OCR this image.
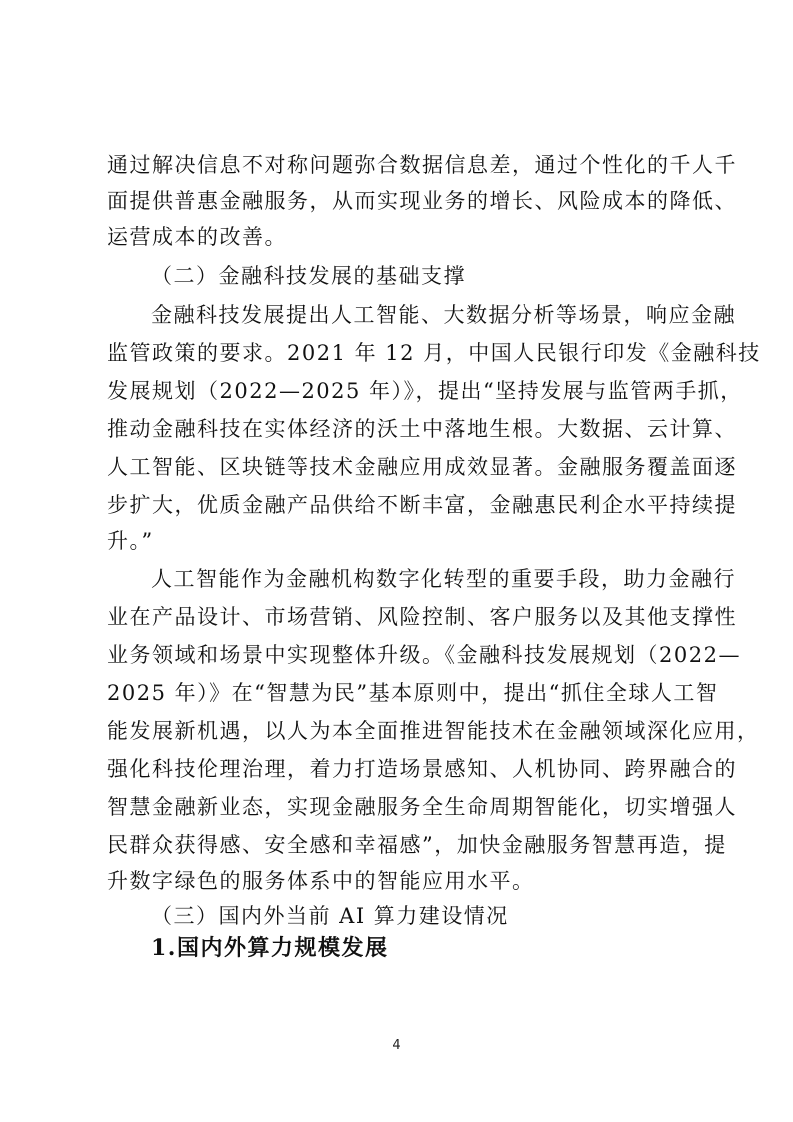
通过解决信息不对称问题弥合数据信息差，通过个性化的千人千
面提供普惠金融服务，从而实现业务的增长、风险成本的降低、
运营成本的改善。
（二）金融科技发展的基础支撑
金融科技发展提出人工智能、大数据分析等场景，响应金融
监管政策的要求。2021 年 12 月，中国人民银行印发《金融科技
发展规划（2022—2025 年）》，提出“坚持发展与监管两手抓，
推动金融科技在实体经济的沃土中落地生根。大数据、云计算、
人工智能、区块链等技术金融应用成效显著。金融服务覆盖面逐
步扩大，优质金融产品供给不断丰富，金融惠民利企水平持续提
升。”
人工智能作为金融机构数字化转型的重要手段，助力金融行
业在产品设计、市场营销、风险控制、客户服务以及其他支撑性
业务领域和场景中实现整体升级。《金融科技发展规划（2022—
2025 年）》在“智慧为民”基本原则中，提出“抓住全球人工智
能发展新机遇，以人为本全面推进智能技术在金融领域深化应用，
强化科技伦理治理，着力打造场景感知、人机协同、跨界融合的
智慧金融新业态，实现金融服务全生命周期智能化，切实增强人
民群众获得感、安全感和幸福感”，加快金融服务智慧再造，提
升数字绿色的服务体系中的智能应用水平。
（三）国内外当前 AI 算力建设情况
1.国内外算力规模发展
4
